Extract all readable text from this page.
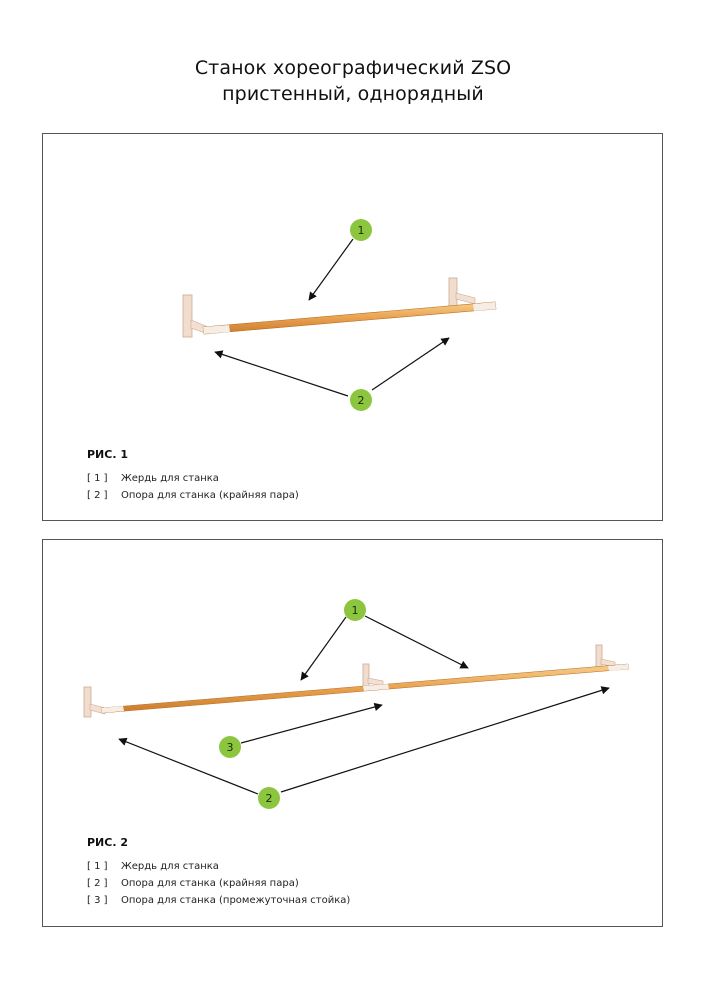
Станок хореографический ZSO
пристенный, однорядный
1
2
РИС. 1
[ 1 ] Жердь для станка
[ 2 ] Опора для станка (крайняя пара)
1
3
2
РИС. 2
[ 1 ] Жердь для станка
[ 2 ] Опора для станка (крайняя пара)
[ 3 ] Опора для станка (промежуточная стойка)
